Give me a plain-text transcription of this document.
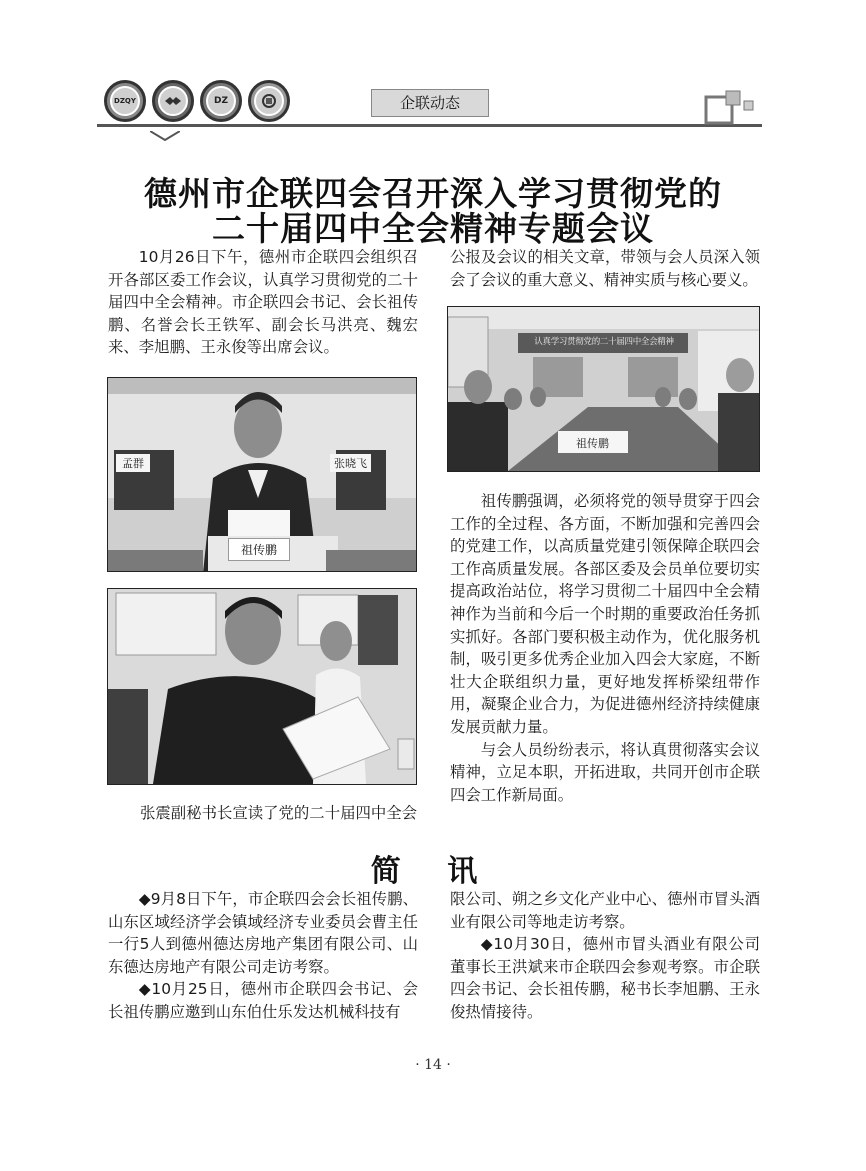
DZQY	DZ	企联动态
德州市企联四会召开深入学习贯彻党的
二十届四中全会精神专题会议

10月26日下午，德州市企联四会组织召开各部区委工作会议，认真学习贯彻党的二十届四中全会精神。市企联四会书记、会长祖传鹏、名誉会长王铁军、副会长马洪亮、魏宏来、李旭鹏、王永俊等出席会议。

孟群	张晓飞
祖传鹏
张震副秘书长宣读了党的二十届四中全会

公报及会议的相关文章，带领与会人员深入领会了会议的重大意义、精神实质与核心要义。

认真学习贯彻党的二十届四中全会精神
祖传鹏

祖传鹏强调，必须将党的领导贯穿于四会工作的全过程、各方面，不断加强和完善四会的党建工作，以高质量党建引领保障企联四会工作高质量发展。各部区委及会员单位要切实提高政治站位，将学习贯彻二十届四中全会精神作为当前和今后一个时期的重要政治任务抓实抓好。各部门要积极主动作为，优化服务机制，吸引更多优秀企业加入四会大家庭，不断壮大企联组织力量，更好地发挥桥梁纽带作用，凝聚企业合力，为促进德州经济持续健康发展贡献力量。

与会人员纷纷表示，将认真贯彻落实会议精神，立足本职，开拓进取，共同开创市企联四会工作新局面。

简 讯

◆9月8日下午，市企联四会会长祖传鹏、山东区域经济学会镇域经济专业委员会曹主任一行5人到德州德达房地产集团有限公司、山东德达房地产有限公司走访考察。

◆10月25日，德州市企联四会书记、会长祖传鹏应邀到山东伯仕乐发达机械科技有

限公司、朔之乡文化产业中心、德州市冒头酒业有限公司等地走访考察。

◆10月30日，德州市冒头酒业有限公司董事长王洪斌来市企联四会参观考察。市企联四会书记、会长祖传鹏，秘书长李旭鹏、王永俊热情接待。

· 14 ·
